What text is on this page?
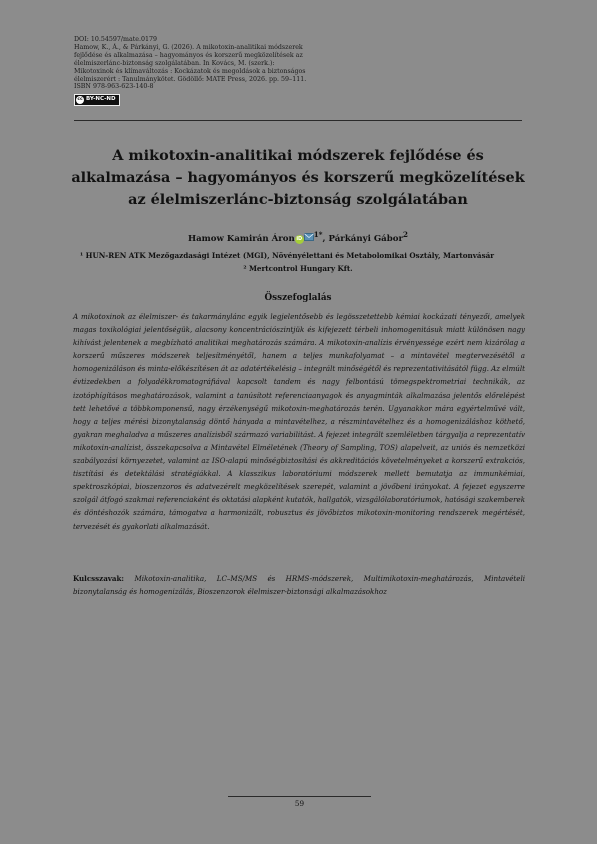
DOI: 10.54597/mate.0179
Hamow, K., Á., & Párkányi, G. (2026). A mikotoxin-analitikai módszerek
fejlődése és alkalmazása – hagyományos és korszerű megközelítések az
élelmiszerlánc-biztonság szolgálatában. In Kovács, M. (szerk.):
Mikotoxinok és klímaváltozás : Kockázatok és megoldások a biztonságos
élelmiszerért : Tanulmánykötet. Gödöllő: MATE Press, 2026. pp. 59–111.
ISBN 978-963-623-140-8
cc BY-NC-ND
A mikotoxin-analitikai módszerek fejlődése és alkalmazása – hagyományos és korszerű megközelítések az élelmiszerlánc-biztonság szolgálatában
Hamow Kamirán Áron iD $^{1*}$, Párkányi Gábor$^2$
¹ HUN-REN ATK Mezőgazdasági Intézet (MGI), Növényélettani és Metabolomikai Osztály, Martonvásár
² Mertcontrol Hungary Kft.
Összefoglalás
A mikotoxinok az élelmiszer- és takarmánylánc egyik legjelentősebb és legösszetettebb kémiai kockázati tényezői, amelyek magas toxikológiai jelentőségük, alacsony koncentrációszintjük és kifejezett térbeli inhomogenitásuk miatt különösen nagy kihívást jelentenek a megbízható analitikai meghatározás számára. A mikotoxin-analízis érvényessége ezért nem kizárólag a korszerű műszeres módszerek teljesítményétől, hanem a teljes munkafolyamat – a mintavétel megtervezésétől a homogenizáláson és minta-előkészítésen át az adatértékelésig – integrált minőségétől és reprezentativitásától függ. Az elmúlt évtizedekben a folyadékkromatográfiával kapcsolt tandem és nagy felbontású tömegspektrometriai technikák, az izotóphígításos meghatározások, valamint a tanúsított referenciaanyagok és anyagminták alkalmazása jelentős előrelépést tett lehetővé a többkomponensű, nagy érzékenységű mikotoxin-meghatározás terén. Ugyanakkor mára egyértelművé vált, hogy a teljes mérési bizonytalanság döntő hányada a mintavételhez, a részmintavételhez és a homogenizáláshoz köthető, gyakran meghaladva a műszeres analízisből származó variabilitást. A fejezet integrált szemléletben tárgyalja a reprezentatív mikotoxin-analízist, összekapcsolva a Mintavétel Elméletének (Theory of Sampling, TOS) alapelveit, az uniós és nemzetközi szabályozási környezetet, valamint az ISO-alapú minőségbiztosítási és akkreditációs követelményeket a korszerű extrakciós, tisztítási és detektálási stratégiákkal. A klasszikus laboratóriumi módszerek mellett bemutatja az immunkémiai, spektroszkópiai, bioszenzoros és adatvezérelt megközelítések szerepét, valamint a jövőbeni irányokat. A fejezet egyszerre szolgál átfogó szakmai referenciaként és oktatási alapként kutatók, hallgatók, vizsgálólaboratóriumok, hatósági szakemberek és döntéshozók számára, támogatva a harmonizált, robusztus és jövőbiztos mikotoxin-monitoring rendszerek megértését, tervezését és gyakorlati alkalmazását.
Kulcsszavak: Mikotoxin-analitika, LC–MS/MS és HRMS-módszerek, Multimikotoxin-meghatározás, Mintavételi bizonytalanság és homogenizálás, Bioszenzorok élelmiszer-biztonsági alkalmazásokhoz
59
